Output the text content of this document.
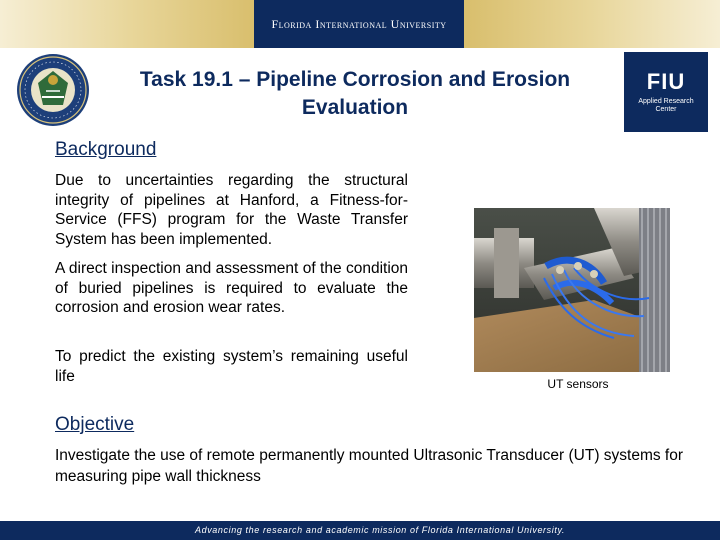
Florida International University
FIU
Applied Research
Center
Task 19.1 – Pipeline Corrosion and Erosion
Evaluation
Background

Due to uncertainties regarding the structural integrity of pipelines at Hanford, a Fitness-for-Service (FFS) program for the Waste Transfer System has been implemented.

A direct inspection and assessment of the condition of buried pipelines is required to evaluate the corrosion and erosion wear rates.

To predict the existing system’s remaining useful life	UT sensors
Objective

Investigate the use of remote permanently mounted Ultrasonic Transducer (UT) systems for measuring pipe wall thickness

Advancing the research and academic mission of Florida International University.
